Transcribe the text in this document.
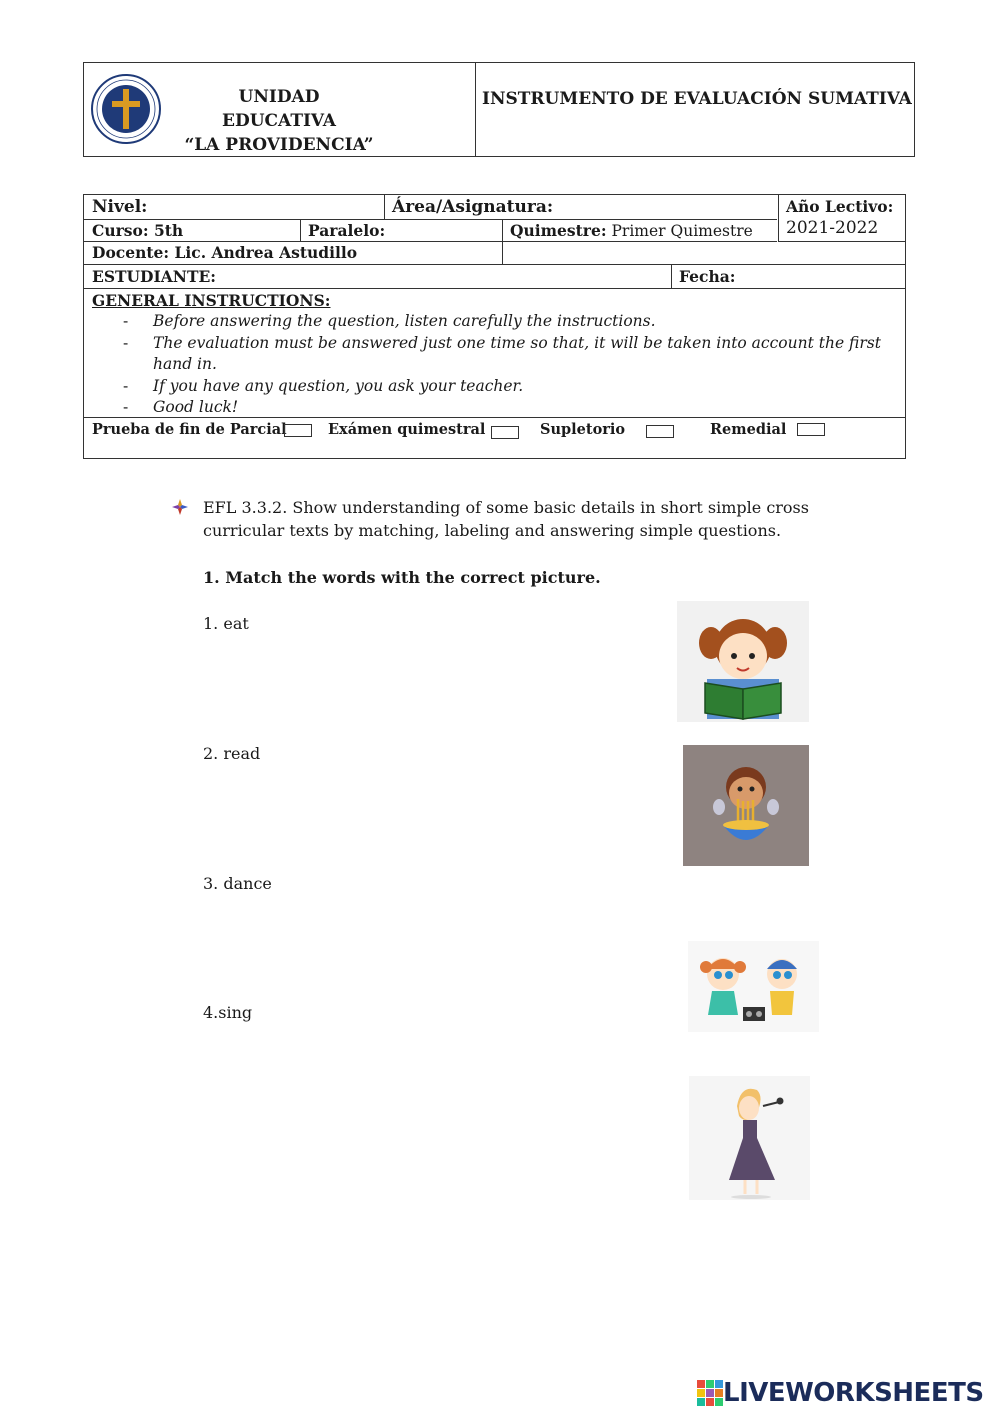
UNIDAD EDUCATIVA
“LA PROVIDENCIA”
INSTRUMENTO DE EVALUACIÓN SUMATIVA
Nivel:	Área/Asignatura:	Año Lectivo:
2021-2022
Curso: 5th	Paralelo:	Quimestre: Primer Quimestre
Docente: Lic. Andrea Astudillo
ESTUDIANTE:	Fecha:
GENERAL INSTRUCTIONS:
- Before answering the question, listen carefully the instructions.
- The evaluation must be answered just one time so that, it will be taken into account the first hand in.
- If you have any question, you ask your teacher.
- Good luck!
Prueba de fin de Parcial	Exámen quimestral	Supletorio	Remedial
EFL 3.3.2. Show understanding of some basic details in short simple cross curricular texts by matching, labeling and answering simple questions.
1. Match the words with the correct picture.
1. eat
2. read
3. dance
4.sing
LIVEWORKSHEETS
